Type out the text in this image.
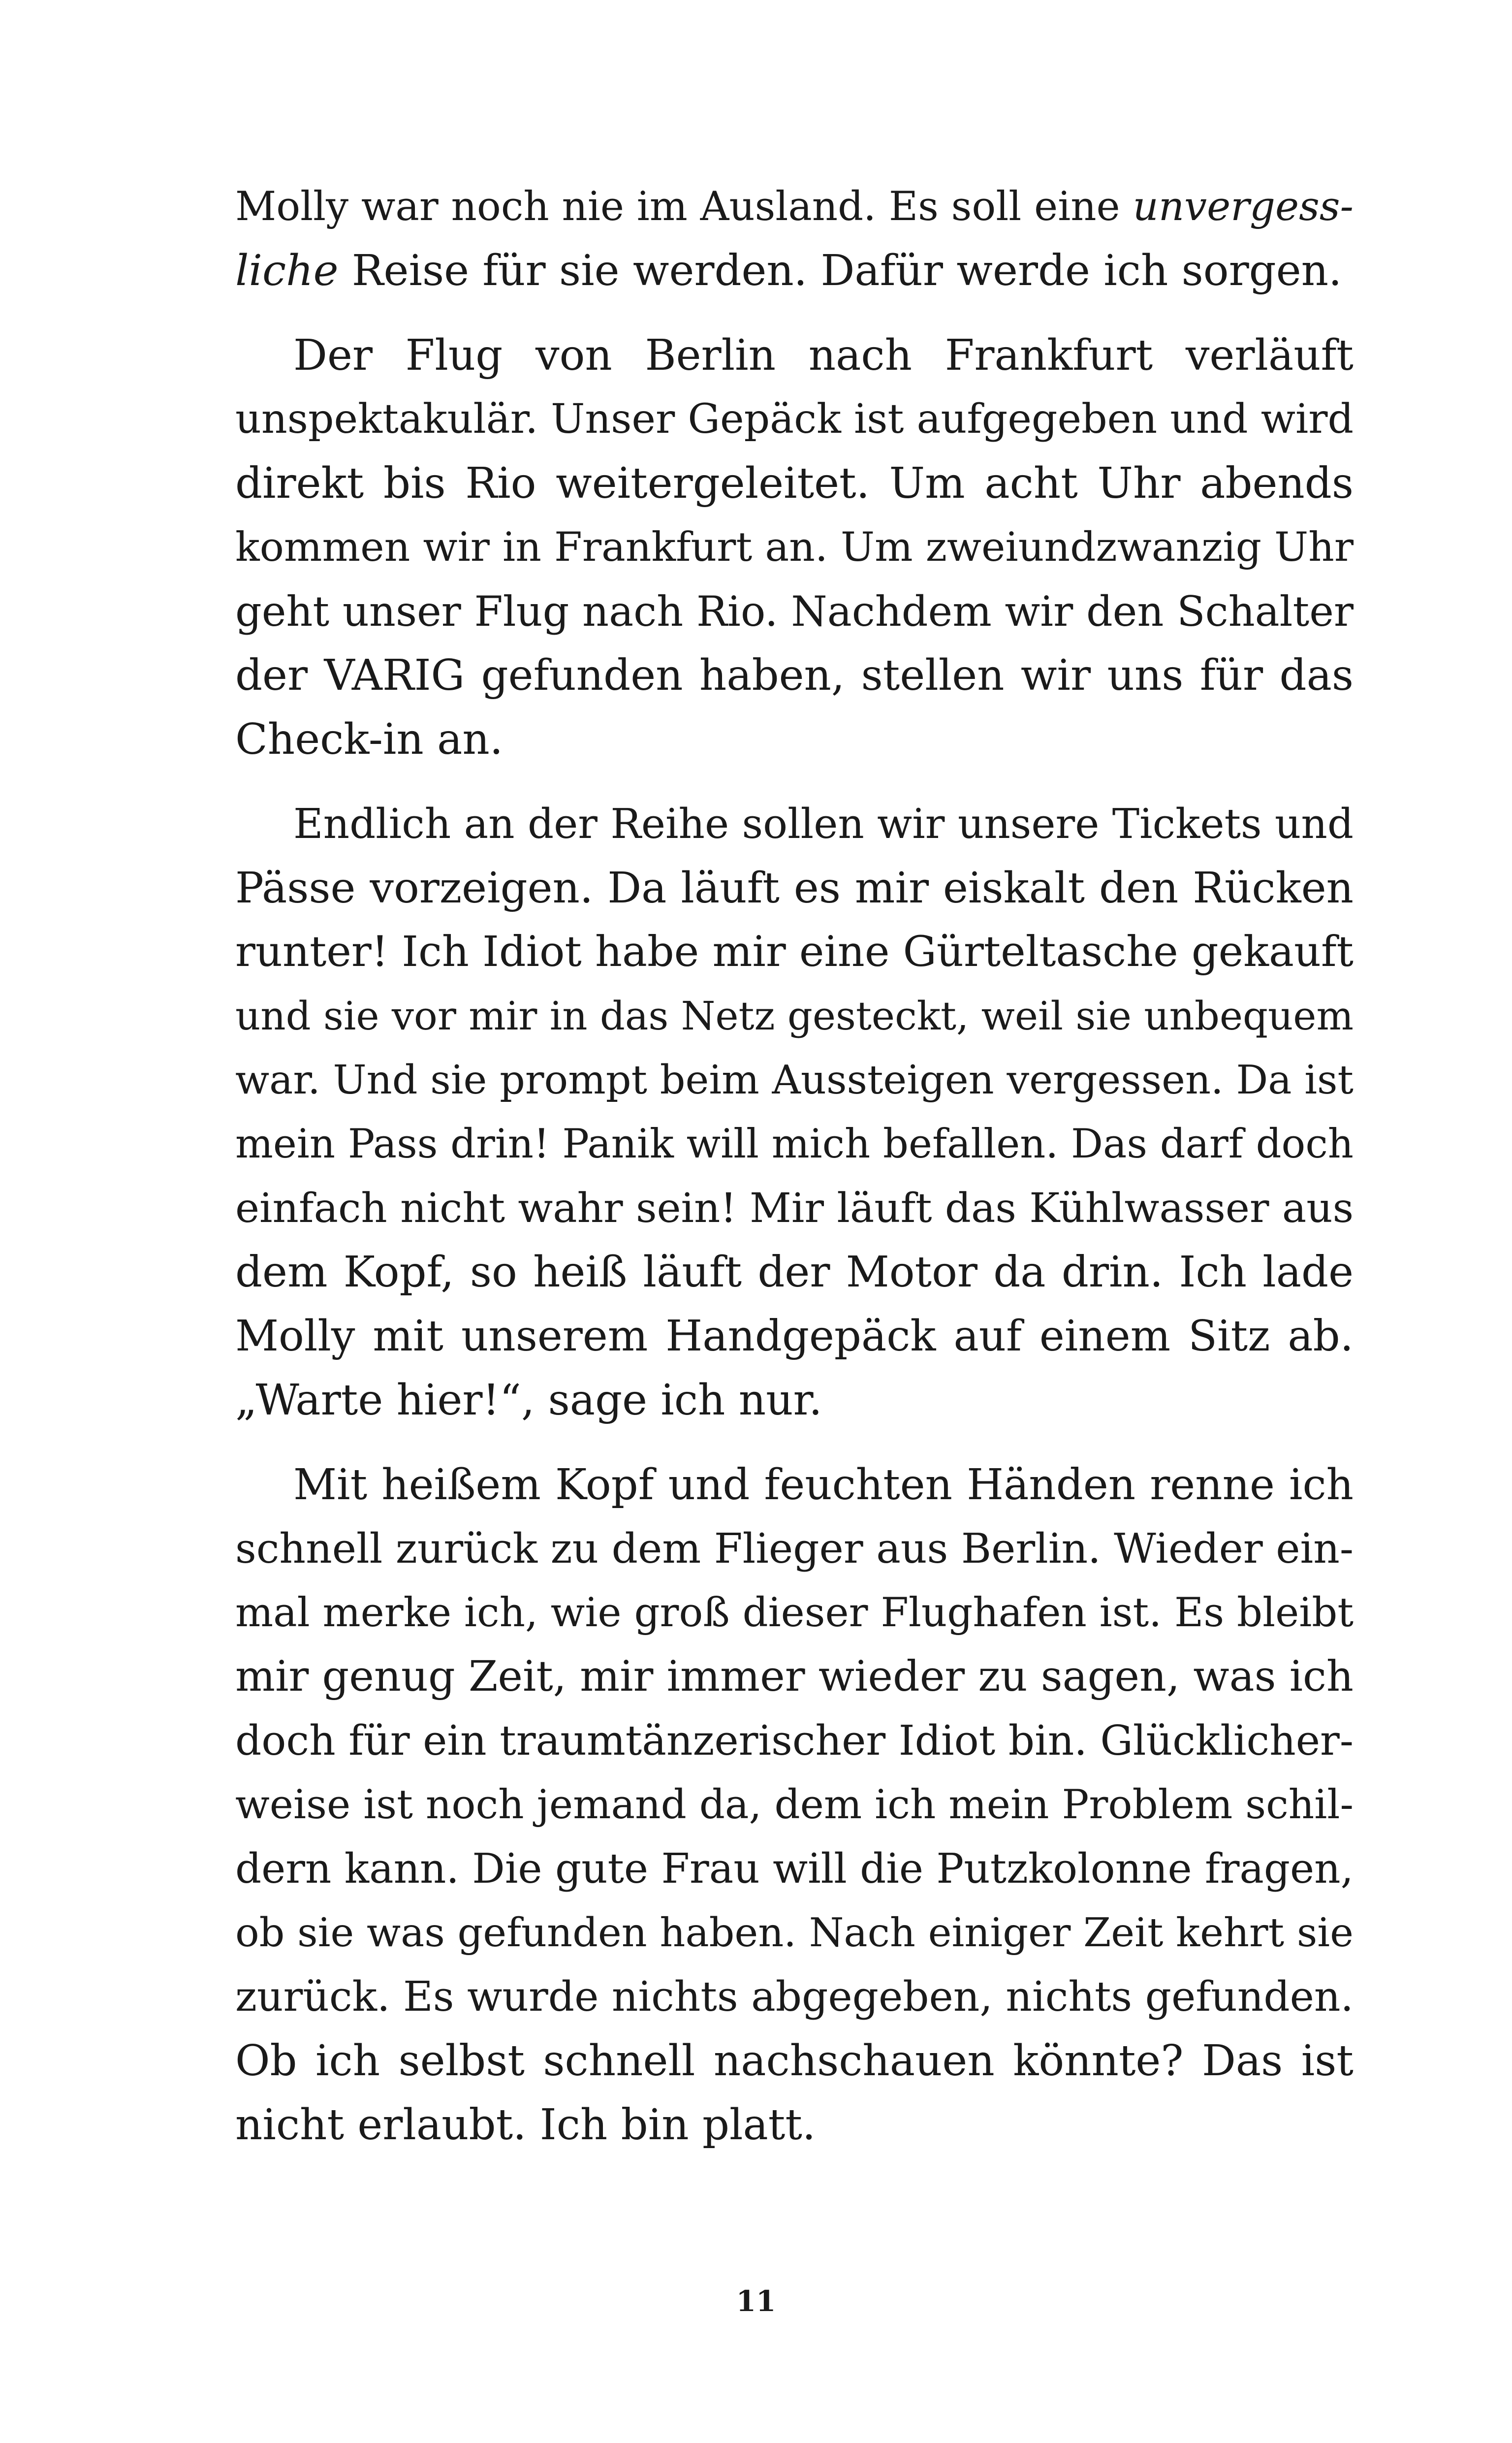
Molly war noch nie im Ausland. Es soll eine unvergess-
liche Reise für sie werden. Dafür werde ich sorgen.
Der Flug von Berlin nach Frankfurt verläuft
unspektakulär. Unser Gepäck ist aufgegeben und wird
direkt bis Rio weitergeleitet. Um acht Uhr abends
kommen wir in Frankfurt an. Um zweiundzwanzig Uhr
geht unser Flug nach Rio. Nachdem wir den Schalter
der VARIG gefunden haben, stellen wir uns für das
Check-in an.
Endlich an der Reihe sollen wir unsere Tickets und
Pässe vorzeigen. Da läuft es mir eiskalt den Rücken
runter! Ich Idiot habe mir eine Gürteltasche gekauft
und sie vor mir in das Netz gesteckt, weil sie unbequem
war. Und sie prompt beim Aussteigen vergessen. Da ist
mein Pass drin! Panik will mich befallen. Das darf doch
einfach nicht wahr sein! Mir läuft das Kühlwasser aus
dem Kopf, so heiß läuft der Motor da drin. Ich lade
Molly mit unserem Handgepäck auf einem Sitz ab.
„Warte hier!“, sage ich nur.
Mit heißem Kopf und feuchten Händen renne ich
schnell zurück zu dem Flieger aus Berlin. Wieder ein-
mal merke ich, wie groß dieser Flughafen ist. Es bleibt
mir genug Zeit, mir immer wieder zu sagen, was ich
doch für ein traumtänzerischer Idiot bin. Glücklicher-
weise ist noch jemand da, dem ich mein Problem schil-
dern kann. Die gute Frau will die Putzkolonne fragen,
ob sie was gefunden haben. Nach einiger Zeit kehrt sie
zurück. Es wurde nichts abgegeben, nichts gefunden.
Ob ich selbst schnell nachschauen könnte? Das ist
nicht erlaubt. Ich bin platt.
11
